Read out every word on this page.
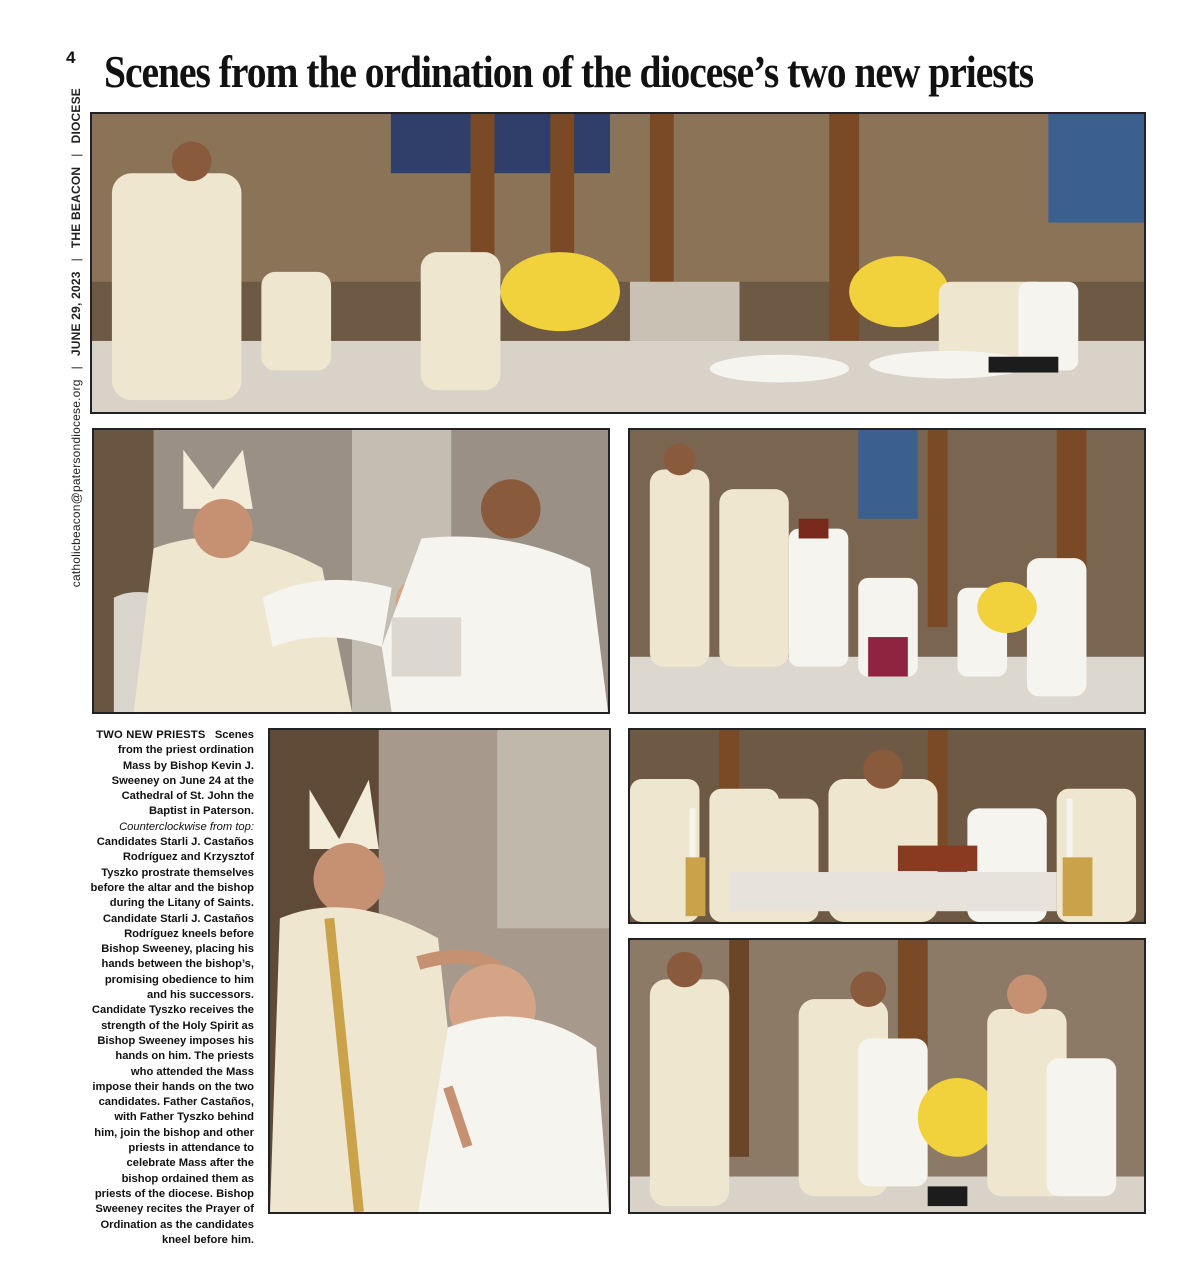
4
catholicbeacon@patersondiocese.org|JUNE 29, 2023|THE BEACON|DIOCESE
Scenes from the ordination of the diocese’s two new priests
TWO NEW PRIESTS Scenes from the priest ordination Mass by Bishop Kevin J. Sweeney on June 24 at the Cathedral of St. John the Baptist in Paterson.
Counterclockwise from top:
Candidates Starli J. Castaños Rodríguez and Krzysztof Tyszko prostrate themselves before the altar and the bishop during the Litany of Saints. Candidate Starli J. Castaños Rodríguez kneels before Bishop Sweeney, placing his hands between the bishop’s, promising obedience to him and his successors. Candidate Tyszko receives the strength of the Holy Spirit as Bishop Sweeney imposes his hands on him. The priests who attended the Mass impose their hands on the two candidates. Father Castaños, with Father Tyszko behind him, join the bishop and other priests in attendance to celebrate Mass after the bishop ordained them as priests of the diocese. Bishop Sweeney recites the Prayer of Ordination as the candidates kneel before him.
